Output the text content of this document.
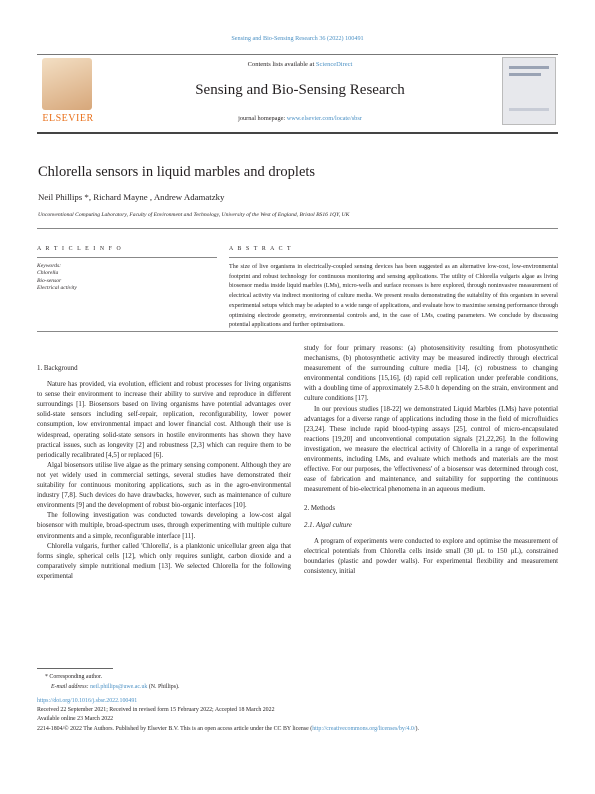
Sensing and Bio-Sensing Research 36 (2022) 100491
ELSEVIER
Contents lists available at ScienceDirect
Sensing and Bio-Sensing Research
journal homepage: www.elsevier.com/locate/sbsr
Chlorella sensors in liquid marbles and droplets
Neil Phillips *, Richard Mayne , Andrew Adamatzky
Unconventional Computing Laboratory, Faculty of Environment and Technology, University of the West of England, Bristol BS16 1QY, UK
A R T I C L E I N F O	A B S T R A C T
Keywords:
Chlorella
Bio-sensor
Electrical activity
The size of live organisms in electrically-coupled sensing devices has been suggested as an alternative low-cost, low-environmental footprint and robust technology for continuous monitoring and sensing applications. The utility of Chlorella vulgaris algae as living biosensor media inside liquid marbles (LMs), micro-wells and surface recesses is here explored, through noninvasive measurement of electrical activity via indirect monitoring of culture media. We present results demonstrating the suitability of this organism in several experimental setups which may be adapted to a wide range of applications, and evaluate how to maximise sensing performance through optimising electrode geometry, environmental controls and, in the case of LMs, coating parameters. We conclude by discussing potential applications and further optimisations.
1. Background

Nature has provided, via evolution, efficient and robust processes for living organisms to sense their environment to increase their ability to survive and reproduce in different surroundings [1]. Biosensors based on living organisms have potential advantages over solid-state sensors including self-repair, replication, reconfigurability, lower power consumption, low environmental impact and lower financial cost. Although their use is widespread, operating solid-state sensors in hostile environments has shown they have practical issues, such as longevity [2] and robustness [2,3] which can require them to be periodically recalibrated [4,5] or replaced [6].

Algal biosensors utilise live algae as the primary sensing component. Although they are not yet widely used in commercial settings, several studies have demonstrated their suitability for continuous monitoring applications, such as in the agro-environmental industry [7,8]. Such devices do have drawbacks, however, such as maintenance of culture environments [9] and the development of robust bio-organic interfaces [10].

The following investigation was conducted towards developing a low-cost algal biosensor with multiple, broad-spectrum uses, through experimenting with multiple culture environments and a simple, reconfigurable interface [11].

Chlorella vulgaris, further called 'Chlorella', is a planktonic unicellular green alga that forms single, spherical cells [12], which only requires sunlight, carbon dioxide and a comparatively simple nutritional medium [13]. We selected Chlorella for the following experimental

study for four primary reasons: (a) photosensitivity resulting from photosynthetic mechanisms, (b) photosynthetic activity may be measured indirectly through electrical measurement of the surrounding culture media [14], (c) robustness to changing environmental conditions [15,16], (d) rapid cell replication under preferable conditions, with a doubling time of approximately 2.5-8.0 h depending on the strain, environment and culture conditions [17].

In our previous studies [18-22] we demonstrated Liquid Marbles (LMs) have potential advantages for a diverse range of applications including those in the field of microfluidics [23,24]. These include rapid blood-typing assays [25], control of micro-encapsulated reactions [19,20] and unconventional computation signals [21,22,26]. In the following investigation, we measure the electrical activity of Chlorella in a range of experimental environments, including LMs, and evaluate which methods and materials are the most effective. For our purposes, the 'effectiveness' of a biosensor was determined through cost, ease of fabrication and maintenance, and suitability for supporting the continuous measurement of bio-electrical phenomena in an aqueous medium.

2. Methods
2.1. Algal culture

A program of experiments were conducted to explore and optimise the measurement of electrical potentials from Chlorella cells inside small (30 μL to 150 μL), constrained boundaries (plastic and powder walls). For experimental flexibility and measurement consistency, initial

* Corresponding author.
E-mail address: neil.phillips@uwe.ac.uk (N. Phillips).
https://doi.org/10.1016/j.sbsr.2022.100491
Received 22 September 2021; Received in revised form 15 February 2022; Accepted 18 March 2022
Available online 23 March 2022
2214-1804/© 2022 The Authors. Published by Elsevier B.V. This is an open access article under the CC BY license (http://creativecommons.org/licenses/by/4.0/).
